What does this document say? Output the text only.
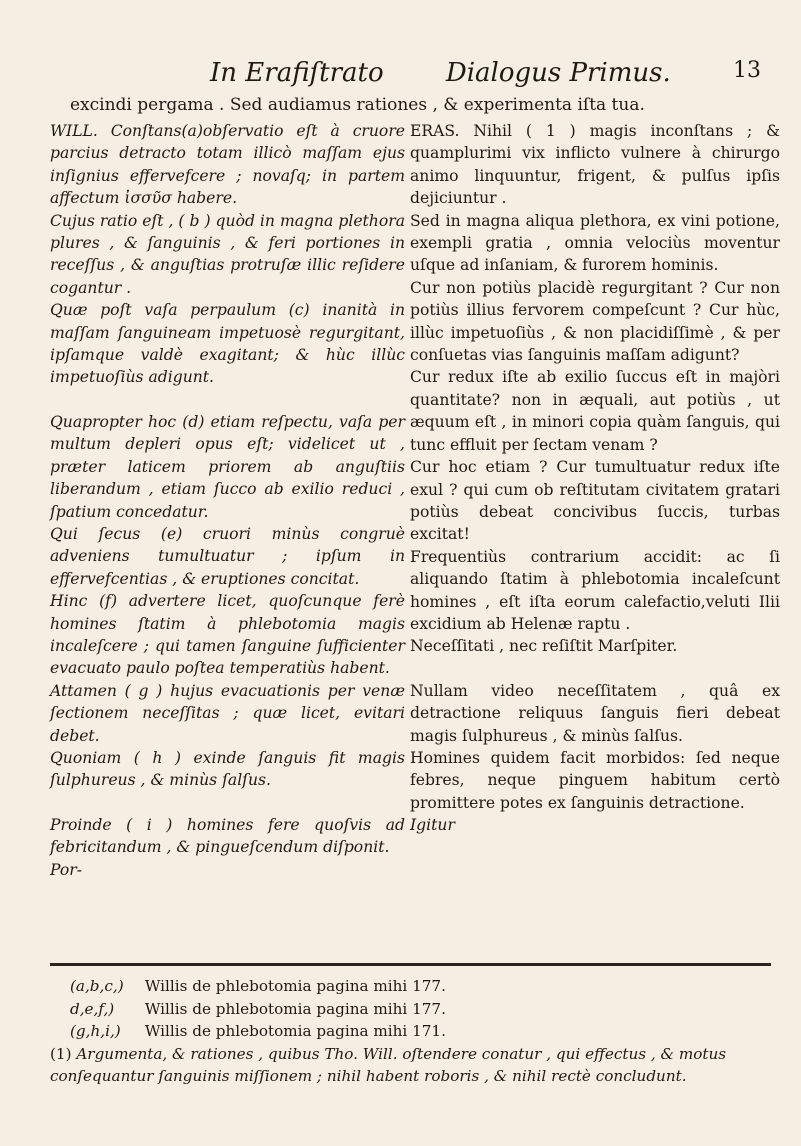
In Erafiſtrato Dialogus Primus.	13
excindi pergama . Sed audiamus rationes , & experimenta iſta tua.

WILL. Conſtans(a)obſervatio eſt à cruore parcius detracto totam illicò maſſam ejus inſignius effervefcere ; novaſq; in partem affectum ἰσσῦσ habere.

Cujus ratio eſt , ( b ) quòd in magna plethora plures , & ſanguinis , & feri portiones in receſſus , & anguſtias protruſæ illic reſidere cogantur .

Quæ poſt vaſa perpaulum (c) inanità in maſſam ſanguineam impetuosè regurgitant, ipſamque valdè exagitant; & hùc illùc impetuoſiùs adigunt.

Quapropter hoc (d) etiam reſpectu, vaſa per multum depleri opus eſt; videlicet ut , præter laticem priorem ab anguſtiis liberandum , etiam ſucco ab exilio reduci , ſpatium concedatur.

Qui ſecus (e) cruori minùs congruè adveniens tumultuatur ; ipſum in effervefcentias , & eruptiones concitat.

Hinc (f) advertere licet, quoſcunque ferè homines ſtatim à phlebotomia magis incaleſcere ; qui tamen ſanguine ſufficienter evacuato paulo poſtea temperatiùs habent.

Attamen ( g ) hujus evacuationis per venæ ſectionem neceſſitas ; quæ licet, evitari debet.

Quoniam ( h ) exinde ſanguis fit magis ſulphureus , & minùs ſalſus.

Proinde ( i ) homines fere quoſvis ad febricitandum , & pingueſcendum diſponit.

Por-

ERAS. Nihil ( 1 ) magis inconſtans ; & quamplurimi vix inflicto vulnere à chirurgo animo linquuntur, frigent, & pulſus ipſis dejiciuntur .

Sed in magna aliqua plethora, ex vini potione, exempli gratia , omnia velociùs moventur uſque ad inſaniam, & furorem hominis.

Cur non potiùs placidè regurgitant ? Cur non potiùs illius fervorem compeſcunt ? Cur hùc, illùc impetuoſiùs , & non placidiſſimè , & per conſuetas vias ſanguinis maſſam adigunt?

Cur redux iſte ab exilio ſuccus eſt in majòri quantitate? non in æquali, aut potiùs , ut æquum eſt , in minori copia quàm ſanguis, qui tunc effluit per ſectam venam ?

Cur hoc etiam ? Cur tumultuatur redux iſte exul ? qui cum ob reſtitutam civitatem gratari potiùs debeat concivibus ſuccis, turbas excitat!

Frequentiùs contrarium accidit: ac ſi aliquando ſtatim à phlebotomia incaleſcunt homines , eſt iſta eorum calefactio,veluti Ilii excidium ab Helenæ raptu .

Neceſſitati , nec reſiſtit Marſpiter.

Nullam video neceſſitatem , quâ ex detractione reliquus ſanguis fieri debeat magis ſulphureus , & minùs ſalſus.

Homines quidem facit morbidos: ſed neque febres, neque pinguem habitum certò promittere potes ex ſanguinis detractione.

Igitur

(a,b,c,) Willis de phlebotomia pagina mihi 177.

d,e,f,) Willis de phlebotomia pagina mihi 177.

(g,h,i,) Willis de phlebotomia pagina mihi 171.

(1) Argumenta, & rationes , quibus Tho. Will. oſtendere conatur , qui effectus , & motus conſequantur ſanguinis miſſionem ; nihil habent roboris , & nihil rectè concludunt.
